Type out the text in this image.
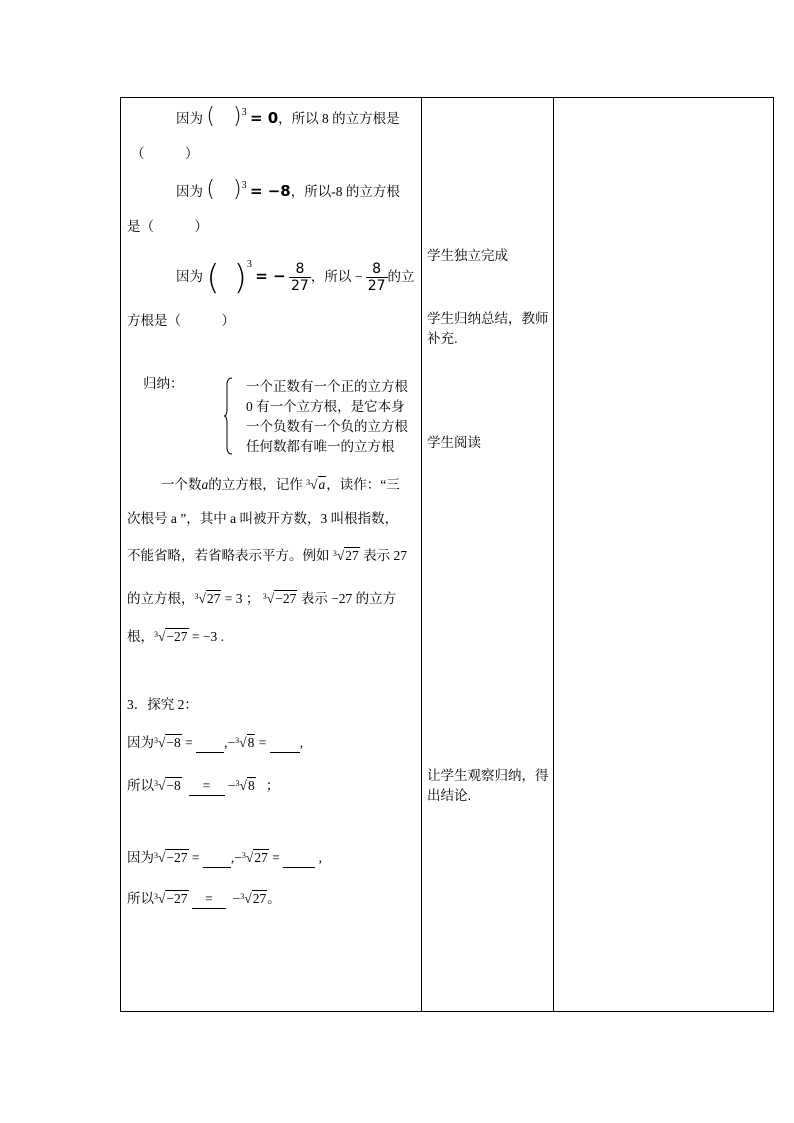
因为 ( )$^3$ = 0，所以 8 的立方根是
（　　　）
因为 ( )$^3$ = −8，所以-8 的立方根
是（　　　）
因为 ( )$^3$ = − $\frac{8}{27}$ ，所以 − $\frac{8}{27}$ 的立
方根是（　　　）
归纳：	一个正数有一个正的立方根
0 有一个立方根，是它本身
一个负数有一个负的立方根
任何数都有唯一的立方根
一个数a的立方根，记作 3 √a，读作：“三
次根号 a ”，其中 a 叫被开方数，3 叫根指数，
不能省略，若省略表示平方。例如 3 √27 表示 27
的立方根， 3 √27 = 3 ； 3 √−27 表示 −27 的立方
根， 3 √−27 = −3 .
3．探究 2：
因为 3 √−8 = ,− 3 √8 = ,
所以 3 √−8 = − 3 √8 ；
因为 3 √−27 = ,− 3 √27 =	,
所以 3 √−27 = − 3 √27。

学生独立完成
学生归纳总结，教师补充.
学生阅读
让学生观察归纳，得出结论.
